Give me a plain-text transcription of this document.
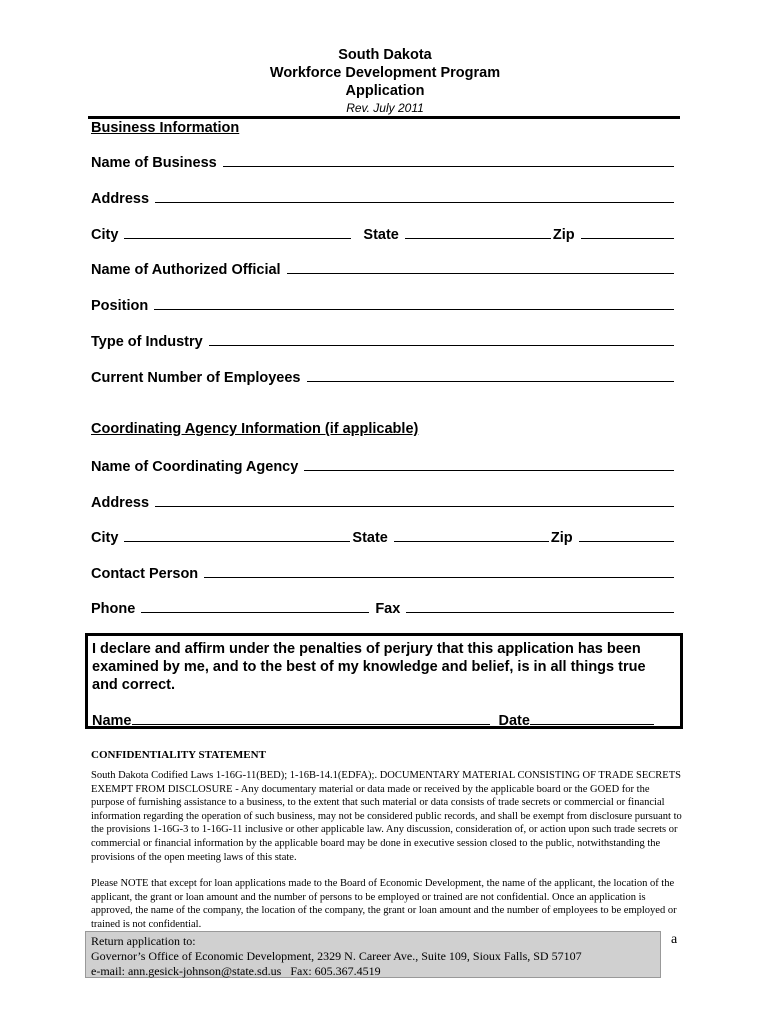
South Dakota
Workforce Development Program
Application
Rev. July 2011
Business Information
Name of Business
Address
City	State	Zip
Name of Authorized Official
Position
Type of Industry
Current Number of Employees
Coordinating Agency Information (if applicable)
Name of Coordinating Agency
Address
City	State	Zip
Contact Person
Phone	Fax
I declare and affirm under the penalties of perjury that this application has been examined by me, and to the best of my knowledge and belief, is in all things true and correct.
Name	Date
CONFIDENTIALITY STATEMENT
South Dakota Codified Laws 1-16G-11(BED); 1-16B-14.1(EDFA);. DOCUMENTARY MATERIAL CONSISTING OF TRADE SECRETS EXEMPT FROM DISCLOSURE - Any documentary material or data made or received by the applicable board or the GOED for the purpose of furnishing assistance to a business, to the extent that such material or data consists of trade secrets or commercial or financial information regarding the operation of such business, may not be considered public records, and shall be exempt from disclosure pursuant to the provisions 1-16G-3 to 1-16G-11 inclusive or other applicable law. Any discussion, consideration of, or action upon such trade secrets or commercial or financial information by the applicable board may be done in executive session closed to the public, notwithstanding the provisions of the open meeting laws of this state.
Please NOTE that except for loan applications made to the Board of Economic Development, the name of the applicant, the location of the applicant, the grant or loan amount and the number of persons to be employed or trained are not confidential. Once an application is approved, the name of the company, the location of the company, the grant or loan amount and the number of employees to be employed or trained is not confidential.
Return application to:
Governor’s Office of Economic Development, 2329 N. Career Ave., Suite 109, Sioux Falls, SD 57107
e-mail: ann.gesick-johnson@state.sd.us   Fax: 605.367.4519
a
